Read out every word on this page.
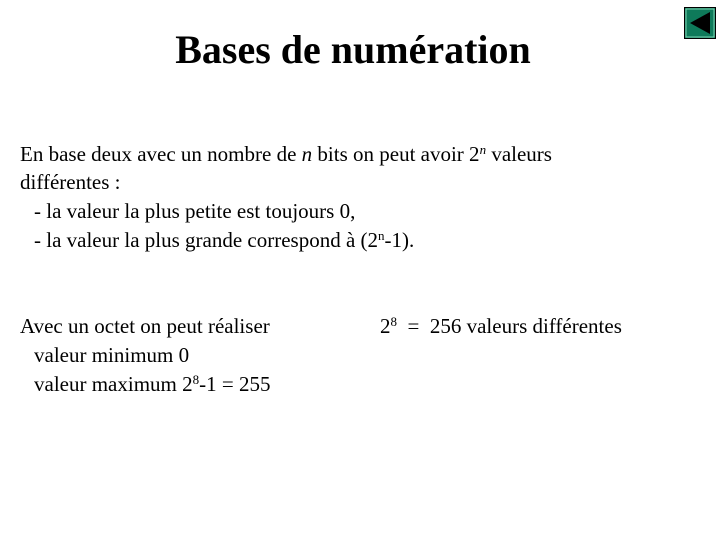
Bases de numération
En base deux avec un nombre de n bits on peut avoir 2$^n$ valeurs
différentes :
- la valeur la plus petite est toujours 0,
- la valeur la plus grande correspond à (2$^n$-1).
Avec un octet on peut réaliser
valeur minimum 0
valeur maximum $2^8-1 = 255$
$2^8 = 256$ valeurs différentes
